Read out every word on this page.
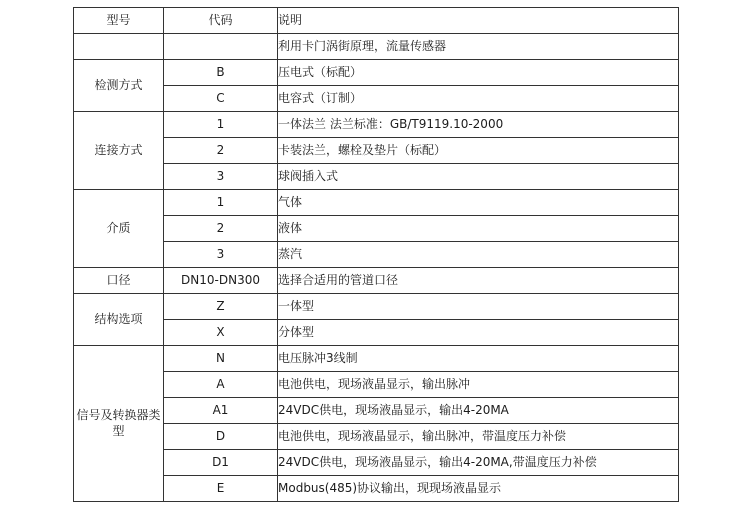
型号	代码	说明
		利用卡门涡街原理，流量传感器
检测方式	B	压电式（标配）
	C	电容式（订制）
连接方式	1	一体法兰 法兰标准：GB/T9119.10-2000
	2	卡装法兰，螺栓及垫片（标配）
	3	球阀插入式
介质	1	气体
	2	液体
	3	蒸汽
口径	DN10-DN300	选择合适用的管道口径
结构选项	Z	一体型
	X	分体型
信号及转换器类型	N	电压脉冲3线制
	A	电池供电，现场液晶显示，输出脉冲
	A1	24VDC供电，现场液晶显示，输出4-20MA
	D	电池供电，现场液晶显示，输出脉冲，带温度压力补偿
	D1	24VDC供电，现场液晶显示，输出4-20MA,带温度压力补偿
	E	Modbus(485)协议输出，现现场液晶显示
